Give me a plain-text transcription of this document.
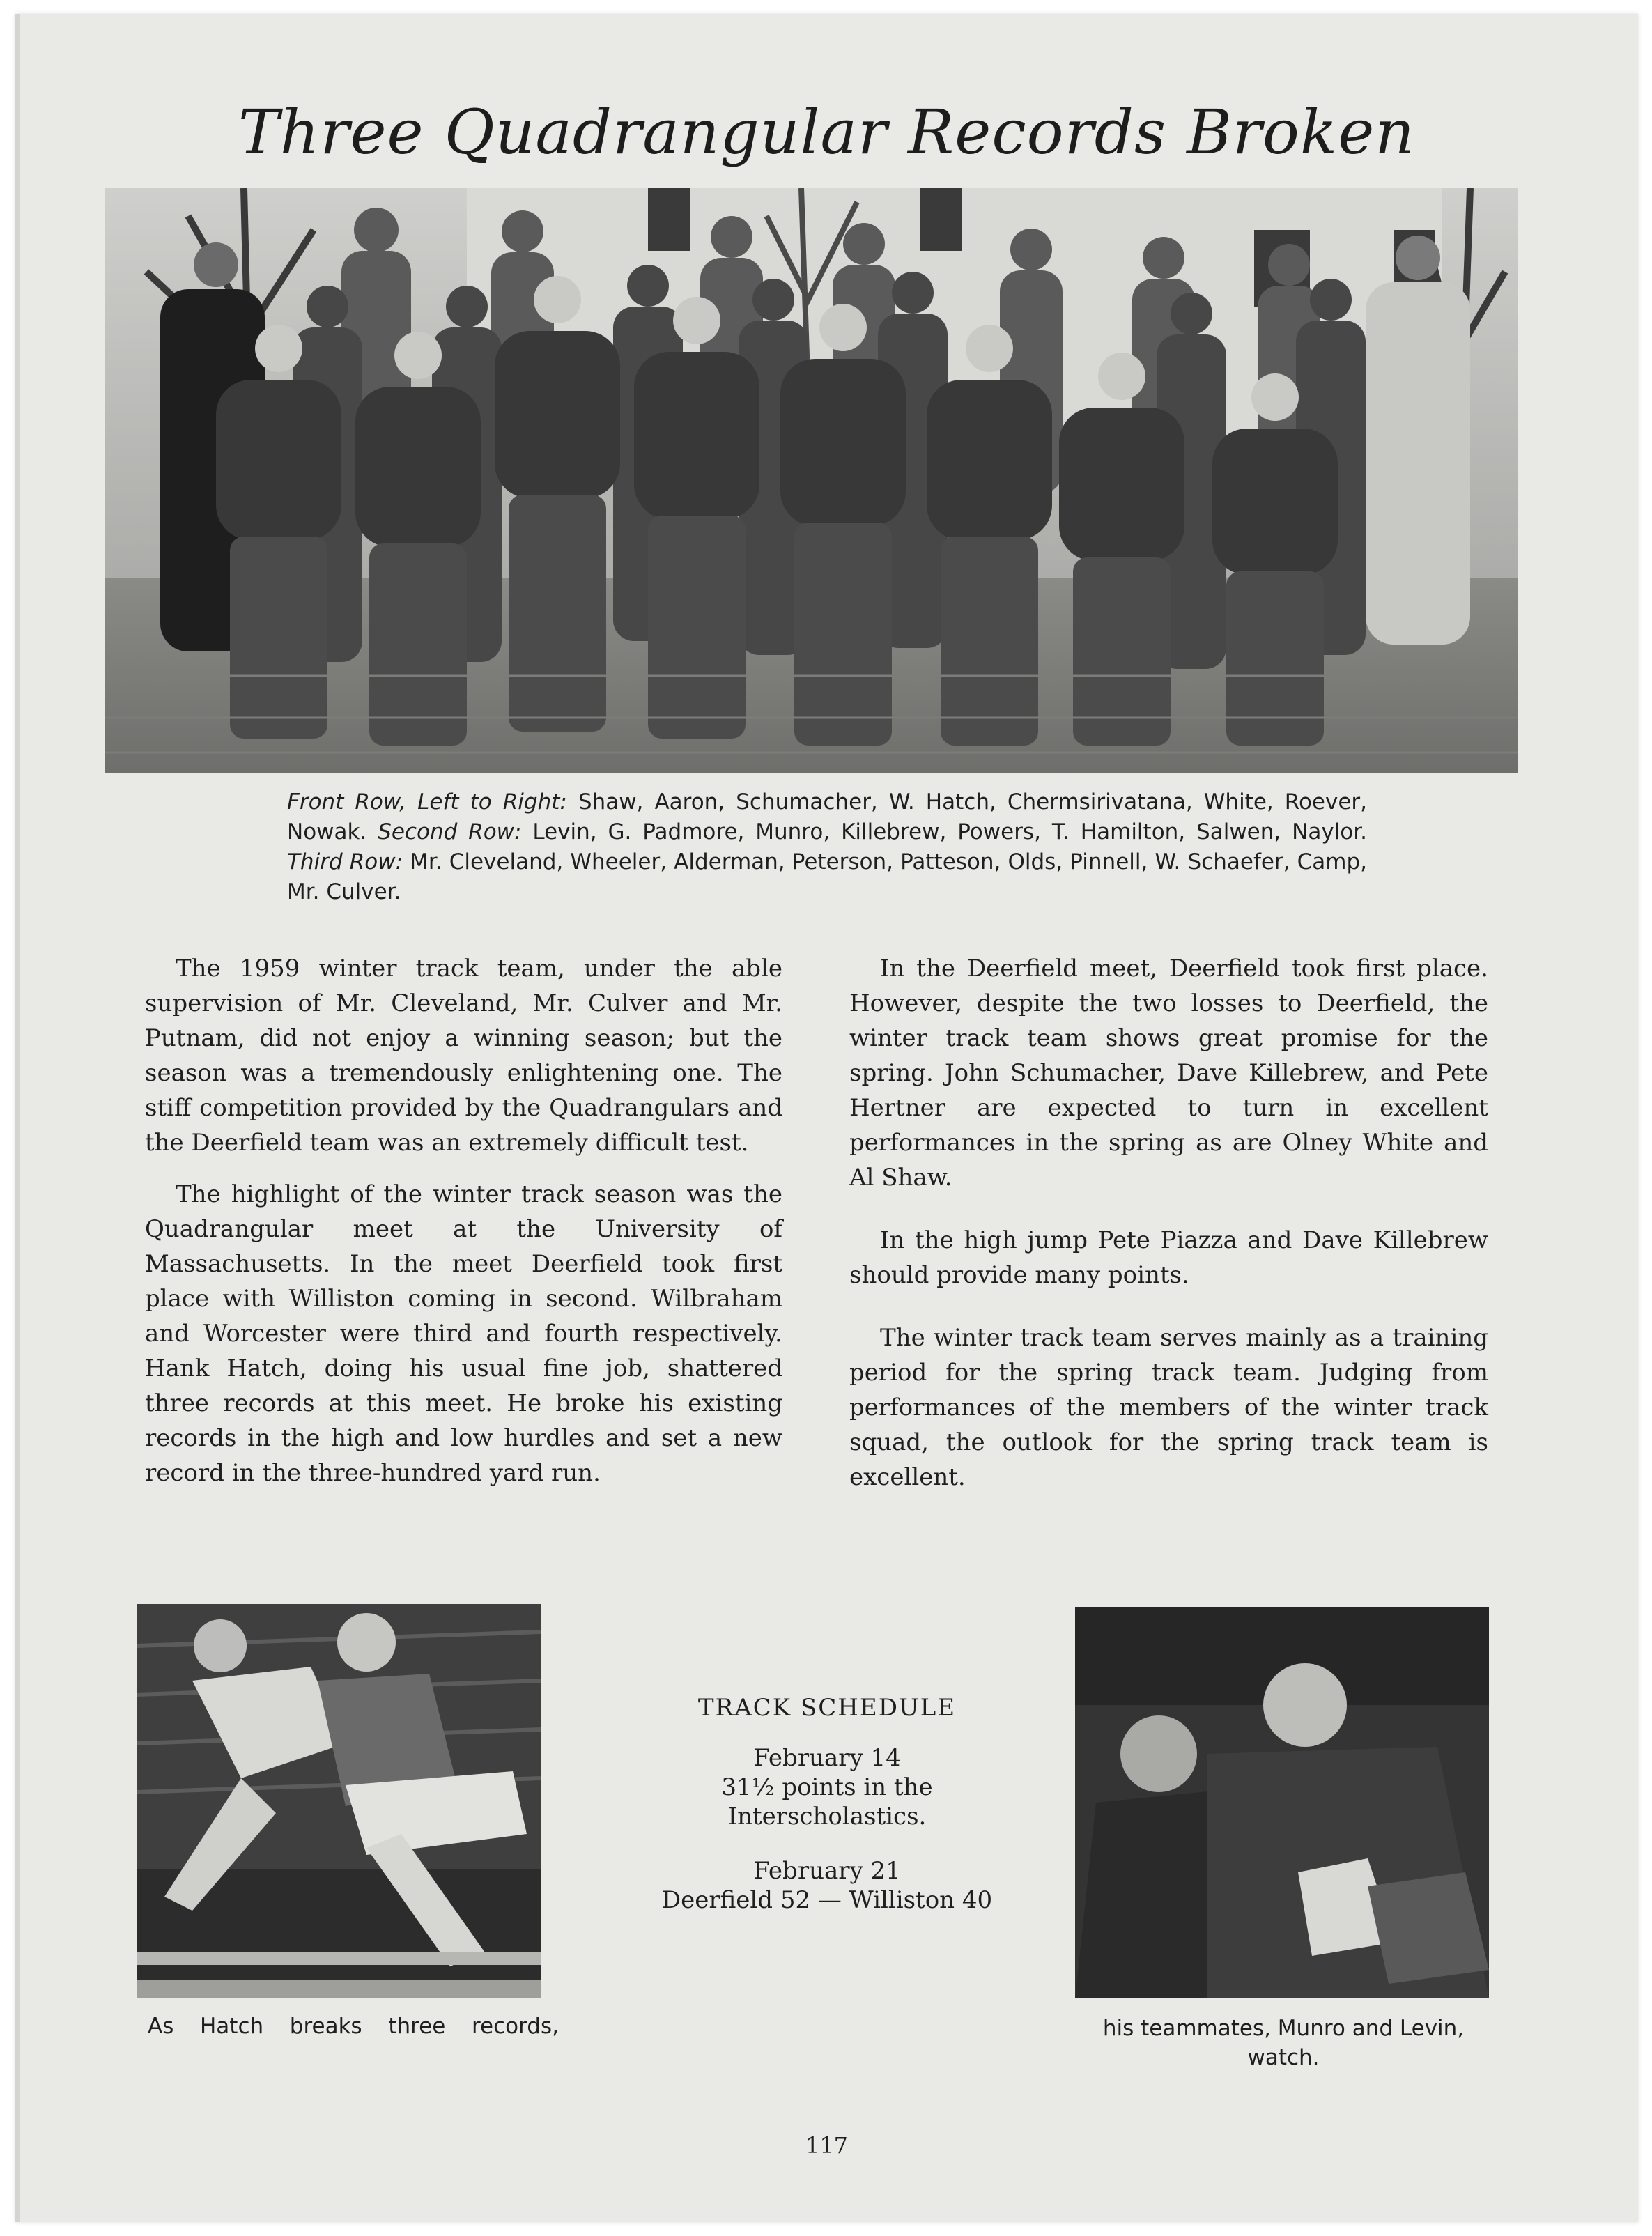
Three Quadrangular Records Broken
Front Row, Left to Right: Shaw, Aaron, Schumacher, W. Hatch, Chermsirivatana, White, Roever, Nowak. Second Row: Levin, G. Padmore, Munro, Killebrew, Powers, T. Hamilton, Salwen, Naylor. Third Row: Mr. Cleveland, Wheeler, Alderman, Peterson, Patteson, Olds, Pinnell, W. Schaefer, Camp, Mr. Culver.

The 1959 winter track team, under the able supervision of Mr. Cleveland, Mr. Culver and Mr. Putnam, did not enjoy a winning season; but the season was a tremendously enlightening one. The stiff competition provided by the Quadrangulars and the Deerfield team was an extremely difficult test.

The highlight of the winter track season was the Quadrangular meet at the University of Massachusetts. In the meet Deerfield took first place with Williston coming in second. Wilbraham and Worcester were third and fourth respectively. Hank Hatch, doing his usual fine job, shattered three records at this meet. He broke his existing records in the high and low hurdles and set a new record in the three-hundred yard run.

In the Deerfield meet, Deerfield took first place. However, despite the two losses to Deerfield, the winter track team shows great promise for the spring. John Schumacher, Dave Killebrew, and Pete Hertner are expected to turn in excellent performances in the spring as are Olney White and Al Shaw.

In the high jump Pete Piazza and Dave Killebrew should provide many points.

The winter track team serves mainly as a training period for the spring track team. Judging from performances of the members of the winter track squad, the outlook for the spring track team is excellent.

TRACK SCHEDULE
February 14
31½ points in the
Interscholastics.
February 21
Deerfield 52 — Williston 40
As Hatch breaks three records,	his teammates, Munro and Levin, watch.
117
